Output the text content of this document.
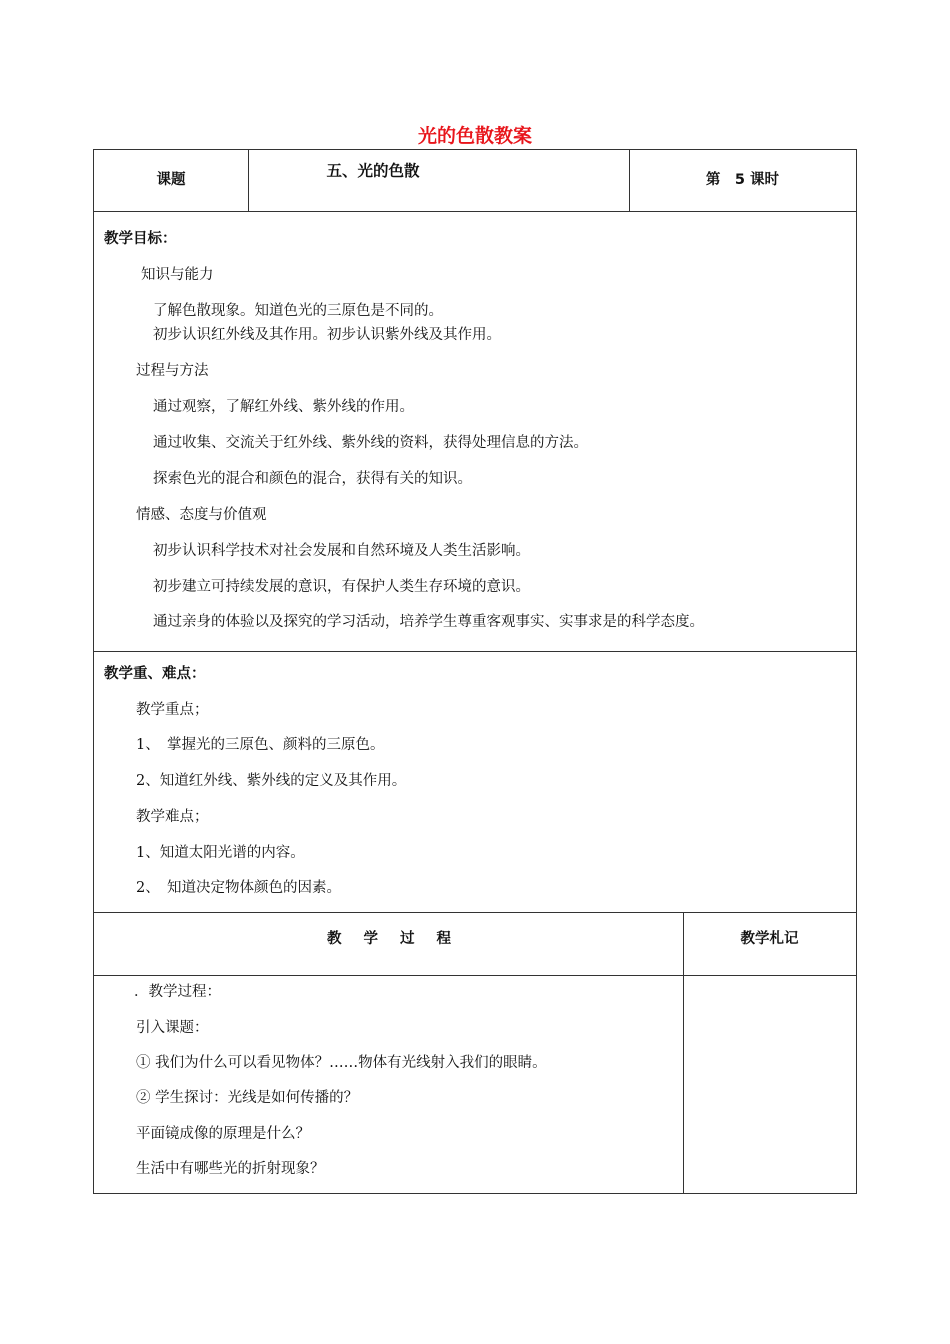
光的色散教案
课题	五、光的色散	第　5 课时
教学目标：
知识与能力
了解色散现象。知道色光的三原色是不同的。
初步认识红外线及其作用。初步认识紫外线及其作用。
过程与方法
通过观察，了解红外线、紫外线的作用。
通过收集、交流关于红外线、紫外线的资料，获得处理信息的方法。
探索色光的混合和颜色的混合，获得有关的知识。
情感、态度与价值观
初步认识科学技术对社会发展和自然环境及人类生活影响。
初步建立可持续发展的意识，有保护人类生存环境的意识。
通过亲身的体验以及探究的学习活动，培养学生尊重客观事实、实事求是的科学态度。
教学重、难点：
教学重点；
1、　掌握光的三原色、颜料的三原色。
2、知道红外线、紫外线的定义及其作用。
教学难点；
1、知道太阳光谱的内容。
2、　知道决定物体颜色的因素。
教学过程	教学札记
．教学过程：
引入课题：
① 我们为什么可以看见物体？……物体有光线射入我们的眼睛。
② 学生探讨：光线是如何传播的？
平面镜成像的原理是什么？
生活中有哪些光的折射现象？
